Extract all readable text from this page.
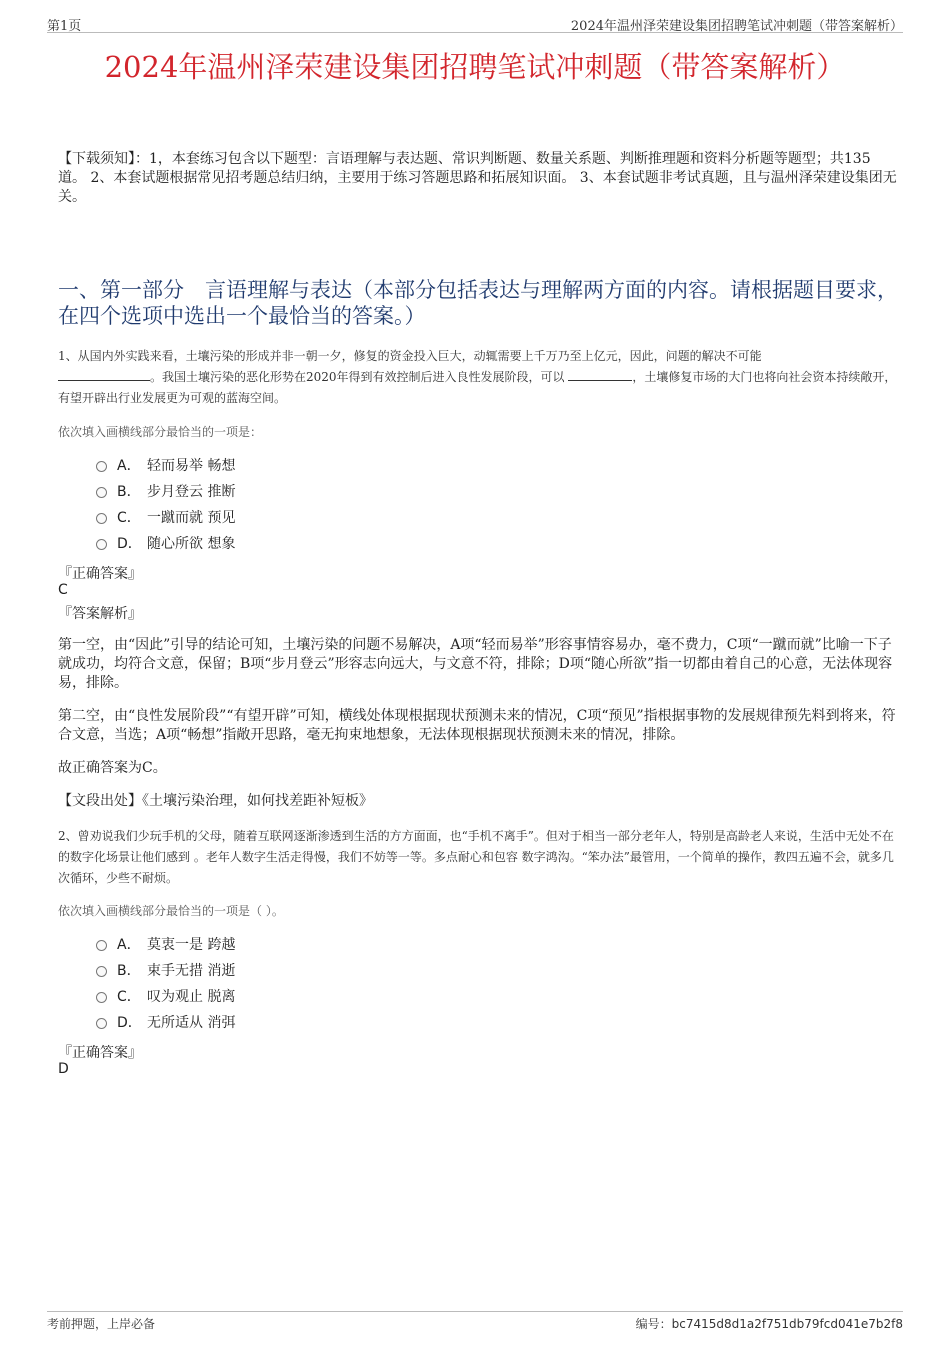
第1页	2024年温州泽荣建设集团招聘笔试冲刺题（带答案解析）
2024年温州泽荣建设集团招聘笔试冲刺题（带答案解析）
【下载须知】：1，本套练习包含以下题型：言语理解与表达题、常识判断题、数量关系题、判断推理题和资料分析题等题型；共135道。 2、本套试题根据常见招考题总结归纳，主要用于练习答题思路和拓展知识面。 3、本套试题非考试真题，且与温州泽荣建设集团无关。
一、第一部分　言语理解与表达（本部分包括表达与理解两方面的内容。请根据题目要求，在四个选项中选出一个最恰当的答案。）
1、从国内外实践来看，土壤污染的形成并非一朝一夕，修复的资金投入巨大，动辄需要上千万乃至上亿元，因此，问题的解决不可能
。我国土壤污染的恶化形势在2020年得到有效控制后进入良性发展阶段，可以	，土壤修复市场的大门也将向社会资本持续敞开，有望开辟出行业发展更为可观的蓝海空间。
依次填入画横线部分最恰当的一项是：
A． 轻而易举 畅想
B． 步月登云 推断
C． 一蹴而就 预见
D． 随心所欲 想象
『正确答案』
C
『答案解析』
第一空，由“因此”引导的结论可知，土壤污染的问题不易解决，A项“轻而易举”形容事情容易办，毫不费力，C项“一蹴而就”比喻一下子就成功，均符合文意，保留；B项“步月登云”形容志向远大，与文意不符，排除；D项“随心所欲”指一切都由着自己的心意，无法体现容易，排除。
第二空，由“良性发展阶段”“有望开辟”可知，横线处体现根据现状预测未来的情况，C项“预见”指根据事物的发展规律预先料到将来，符合文意，当选；A项“畅想”指敞开思路，毫无拘束地想象，无法体现根据现状预测未来的情况，排除。
故正确答案为C。
【文段出处】《土壤污染治理，如何找差距补短板》
2、曾劝说我们少玩手机的父母，随着互联网逐渐渗透到生活的方方面面，也“手机不离手”。但对于相当一部分老年人，特别是高龄老人来说，生活中无处不在的数字化场景让他们感到 。老年人数字生活走得慢，我们不妨等一等。多点耐心和包容 数字鸿沟。“笨办法”最管用，一个简单的操作，教四五遍不会，就多几次循环，少些不耐烦。
依次填入画横线部分最恰当的一项是（ ）。
A． 莫衷一是 跨越
B． 束手无措 消逝
C． 叹为观止 脱离
D． 无所适从 消弭
『正确答案』
D
考前押题，上岸必备	编号：bc7415d8d1a2f751db79fcd041e7b2f8
